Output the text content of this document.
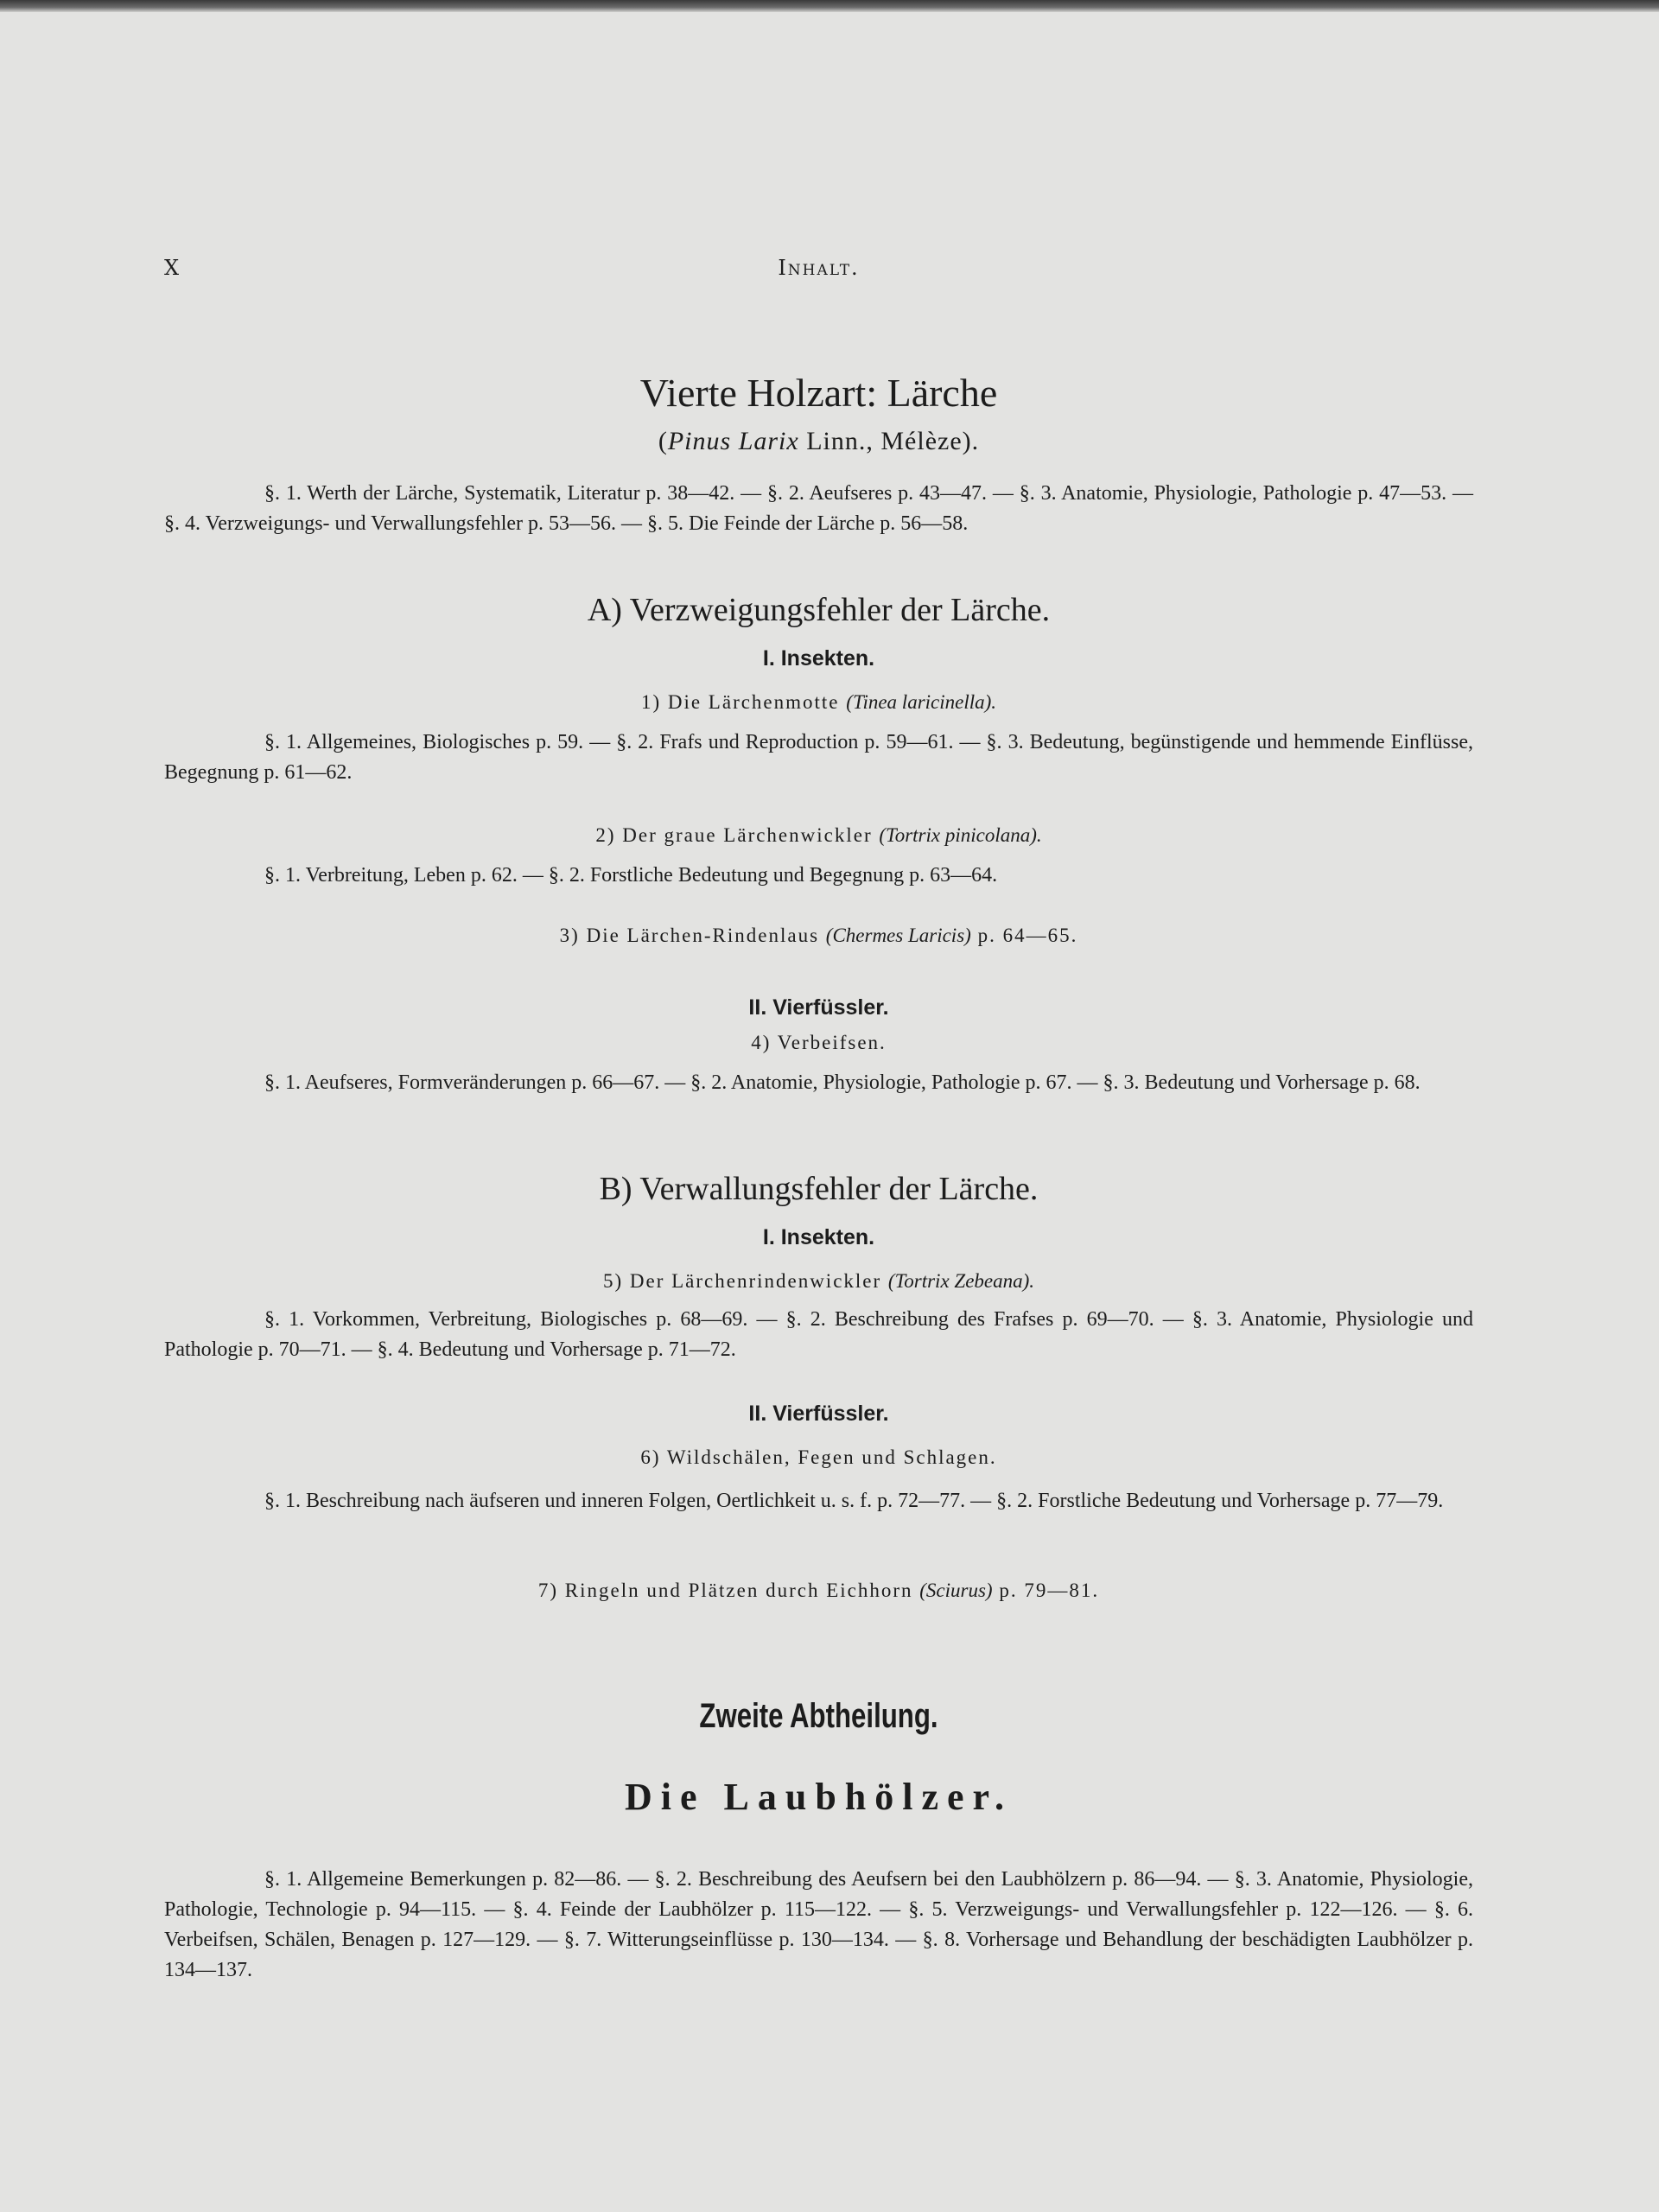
X	Inhalt.
Vierte Holzart: Lärche
(Pinus Larix Linn., Mélèze).

§. 1. Werth der Lärche, Systematik, Literatur p. 38—42. — §. 2. Aeufseres p. 43—47. — §. 3. Anatomie, Physiologie, Pathologie p. 47—53. — §. 4. Verzweigungs- und Verwallungsfehler p. 53—56. — §. 5. Die Feinde der Lärche p. 56—58.

A) Verzweigungsfehler der Lärche.
I. Insekten.
1) Die Lärchenmotte (Tinea laricinella).

§. 1. Allgemeines, Biologisches p. 59. — §. 2. Frafs und Reproduction p. 59—61. — §. 3. Bedeutung, begünstigende und hemmende Einflüsse, Begegnung p. 61—62.

2) Der graue Lärchenwickler (Tortrix pinicolana).

§. 1. Verbreitung, Leben p. 62. — §. 2. Forstliche Bedeutung und Begegnung p. 63—64.

3) Die Lärchen-Rindenlaus (Chermes Laricis) p. 64—65.
II. Vierfüssler.
4) Verbeifsen.

§. 1. Aeufseres, Formveränderungen p. 66—67. — §. 2. Anatomie, Physiologie, Pathologie p. 67. — §. 3. Bedeutung und Vorhersage p. 68.

B) Verwallungsfehler der Lärche.
I. Insekten.
5) Der Lärchenrindenwickler (Tortrix Zebeana).

§. 1. Vorkommen, Verbreitung, Biologisches p. 68—69. — §. 2. Beschreibung des Frafses p. 69—70. — §. 3. Anatomie, Physiologie und Pathologie p. 70—71. — §. 4. Bedeutung und Vorhersage p. 71—72.

II. Vierfüssler.
6) Wildschälen, Fegen und Schlagen.

§. 1. Beschreibung nach äufseren und inneren Folgen, Oertlichkeit u. s. f. p. 72—77. — §. 2. Forstliche Bedeutung und Vorhersage p. 77—79.

7) Ringeln und Plätzen durch Eichhorn (Sciurus) p. 79—81.
Zweite Abtheilung.
Die Laubhölzer.

§. 1. Allgemeine Bemerkungen p. 82—86. — §. 2. Beschreibung des Aeufsern bei den Laubhölzern p. 86—94. — §. 3. Anatomie, Physiologie, Pathologie, Technologie p. 94—115. — §. 4. Feinde der Laubhölzer p. 115—122. — §. 5. Verzweigungs- und Verwallungsfehler p. 122—126. — §. 6. Verbeifsen, Schälen, Benagen p. 127—129. — §. 7. Witterungseinflüsse p. 130—134. — §. 8. Vorhersage und Behandlung der beschädigten Laubhölzer p. 134—137.
